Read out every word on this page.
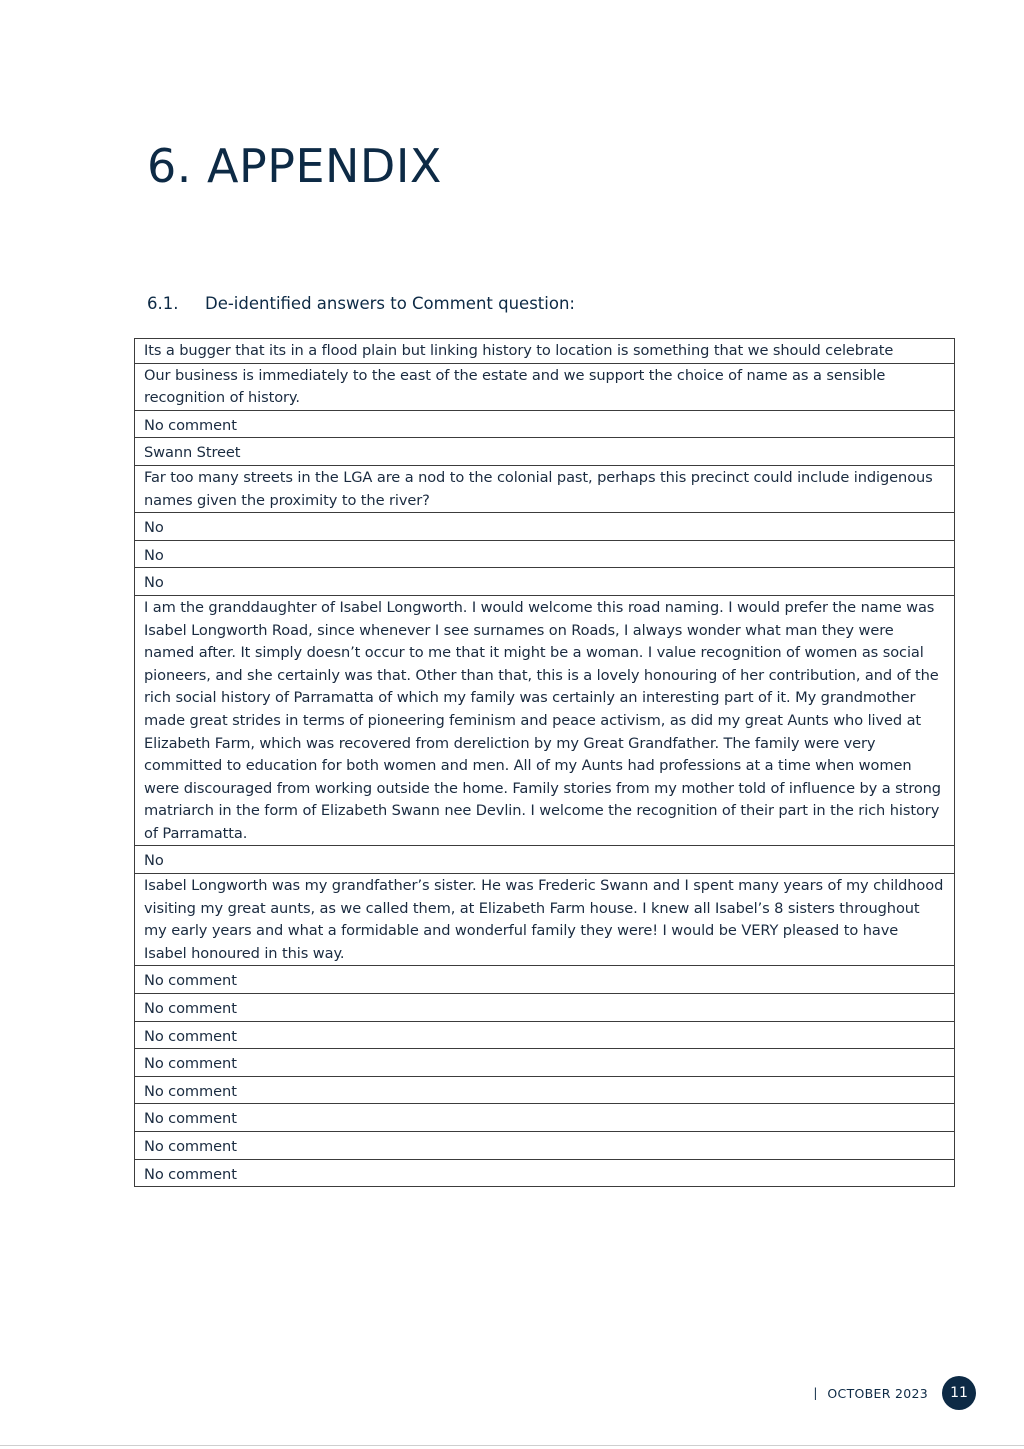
6. APPENDIX
6.1. De-identified answers to Comment question:
Its a bugger that its in a flood plain but linking history to location is something that we should celebrate
Our business is immediately to the east of the estate and we support the choice of name as a sensible recognition of history.
No comment
Swann Street
Far too many streets in the LGA are a nod to the colonial past, perhaps this precinct could include indigenous names given the proximity to the river?
No
No
No
I am the granddaughter of Isabel Longworth. I would welcome this road naming. I would prefer the name was Isabel Longworth Road, since whenever I see surnames on Roads, I always wonder what man they were named after. It simply doesn’t occur to me that it might be a woman. I value recognition of women as social pioneers, and she certainly was that. Other than that, this is a lovely honouring of her contribution, and of the rich social history of Parramatta of which my family was certainly an interesting part of it. My grandmother made great strides in terms of pioneering feminism and peace activism, as did my great Aunts who lived at Elizabeth Farm, which was recovered from dereliction by my Great Grandfather. The family were very committed to education for both women and men. All of my Aunts had professions at a time when women were discouraged from working outside the home. Family stories from my mother told of influence by a strong matriarch in the form of Elizabeth Swann nee Devlin. I welcome the recognition of their part in the rich history of Parramatta.
No
Isabel Longworth was my grandfather’s sister. He was Frederic Swann and I spent many years of my childhood visiting my great aunts, as we called them, at Elizabeth Farm house. I knew all Isabel’s 8 sisters throughout my early years and what a formidable and wonderful family they were! I would be VERY pleased to have Isabel honoured in this way.
No comment
No comment
No comment
No comment
No comment
No comment
No comment
No comment
| OCTOBER 2023	11
